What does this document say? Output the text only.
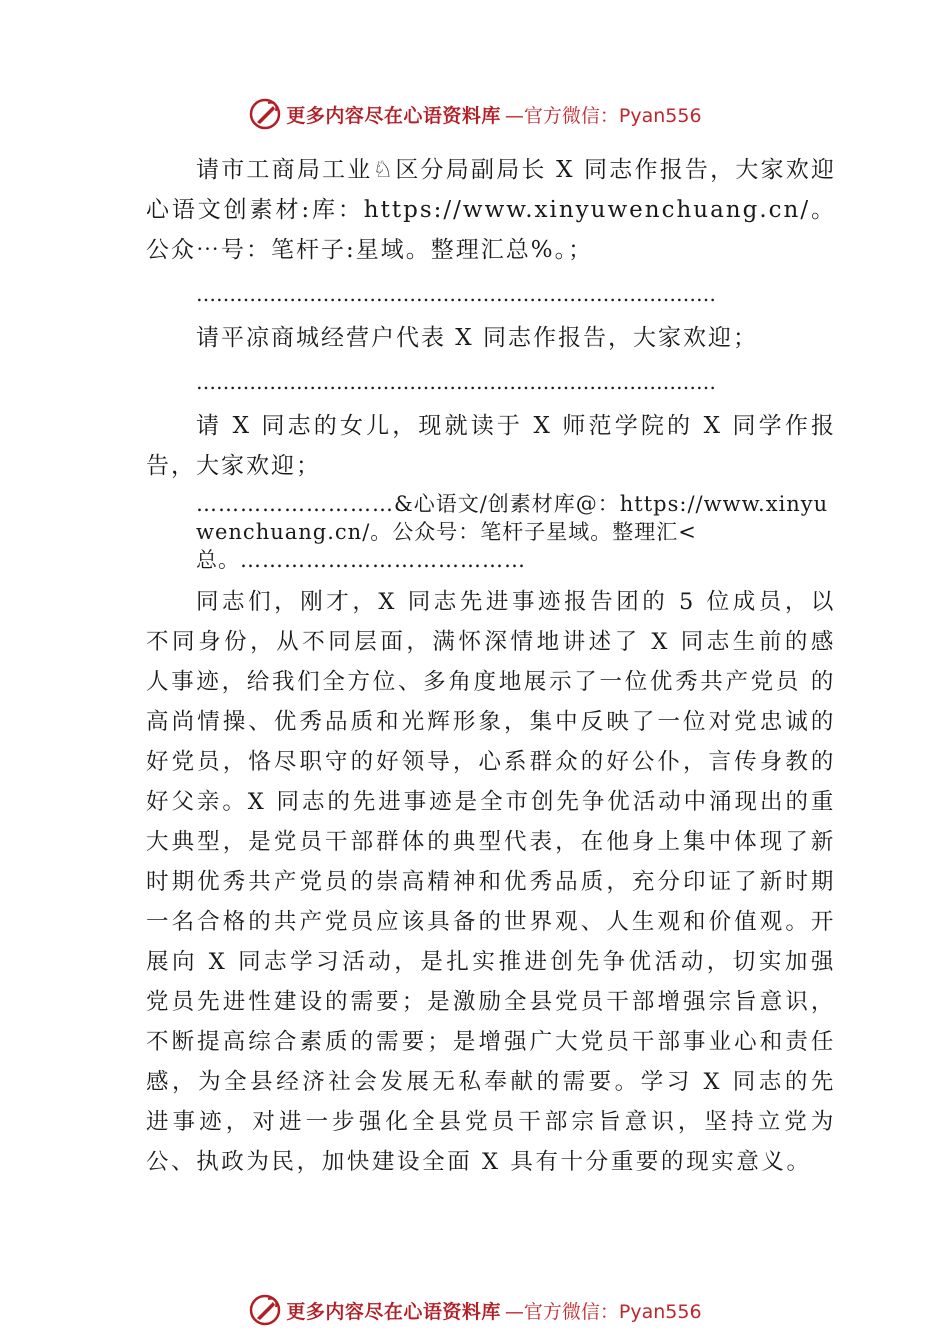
更多内容尽在心语资料库 —官方微信：Pyan556

请市工商局工业♘区分局副局长 X 同志作报告，大家欢迎心语文创素材:库：https://www.xinyuwenchuang.cn/。公众⋯号：笔杆子:星域。整理汇总%。；

……………………………………………………………………

请平凉商城经营户代表 X 同志作报告，大家欢迎；

……………………………………………………………………

请 X 同志的女儿，现就读于 X 师范学院的 X 同学作报告，大家欢迎；

………………………&心语文/创素材库@：https://www.xinyuwenchuang.cn/。公众号：笔杆子星域。整理汇<总。…………………………………

同志们，刚才，X 同志先进事迹报告团的 5 位成员，以不同身份，从不同层面，满怀深情地讲述了 X 同志生前的感人事迹，给我们全方位、多角度地展示了一位优秀共产党员 的高尚情操、优秀品质和光辉形象，集中反映了一位对党忠诚的好党员，恪尽职守的好领导，心系群众的好公仆，言传身教的好父亲。X 同志的先进事迹是全市创先争优活动中涌现出的重大典型，是党员干部群体的典型代表，在他身上集中体现了新时期优秀共产党员的崇高精神和优秀品质，充分印证了新时期一名合格的共产党员应该具备的世界观、人生观和价值观。开展向 X 同志学习活动，是扎实推进创先争优活动，切实加强党员先进性建设的需要；是激励全县党员干部增强宗旨意识，不断提高综合素质的需要；是增强广大党员干部事业心和责任感，为全县经济社会发展无私奉献的需要。学习 X 同志的先进事迹，对进一步强化全县党员干部宗旨意识，坚持立党为公、执政为民，加快建设全面 X 具有十分重要的现实意义。

更多内容尽在心语资料库 —官方微信：Pyan556
